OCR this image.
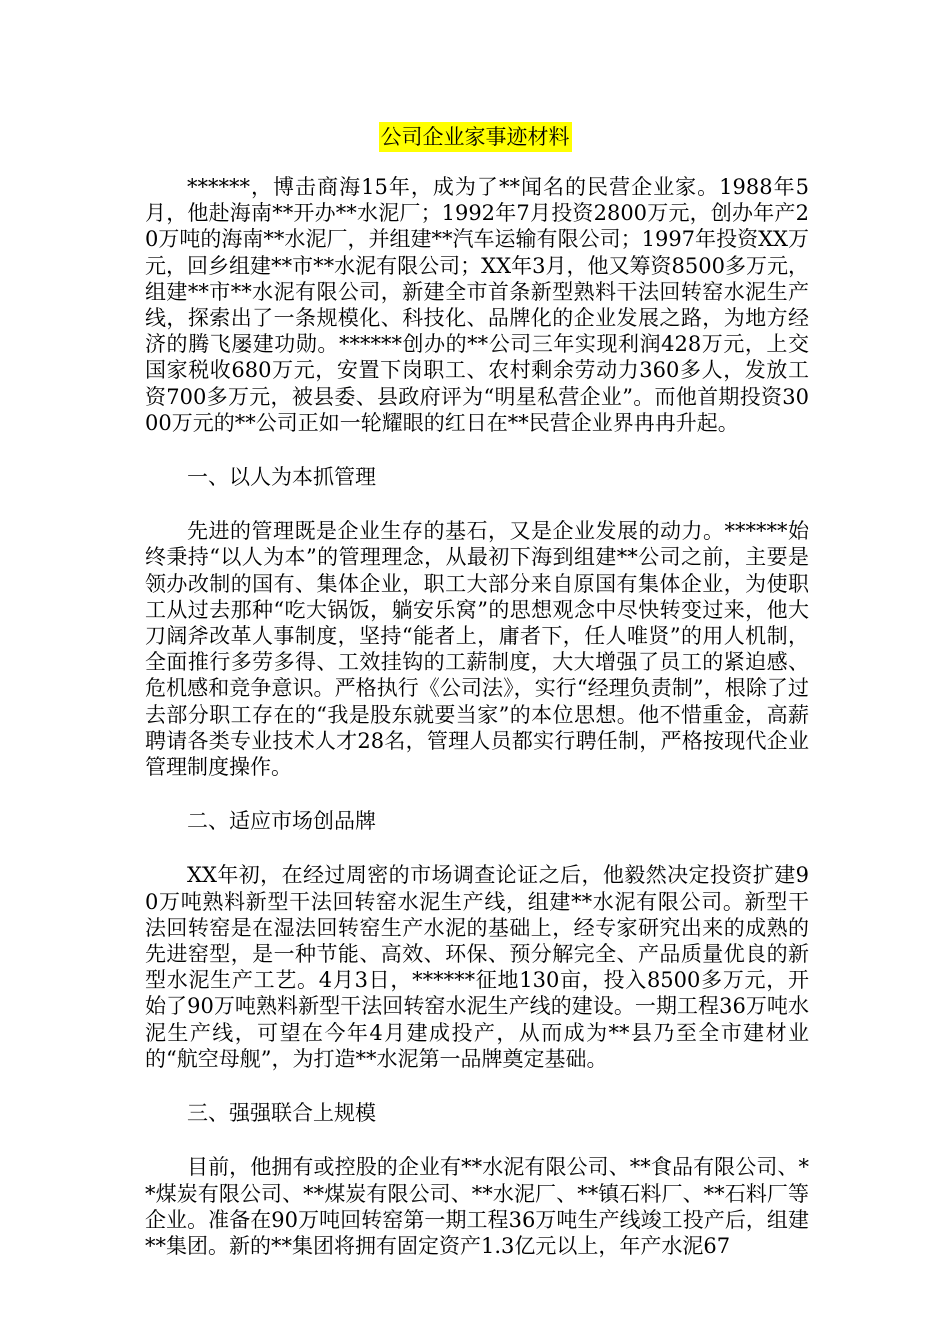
公司企业家事迹材料

******，博击商海15年，成为了**闻名的民营企业家。1988年5月，他赴海南**开办**水泥厂；1992年7月投资2800万元，创办年产20万吨的海南**水泥厂，并组建**汽车运输有限公司；1997年投资XX万元，回乡组建**市**水泥有限公司；XX年3月，他又筹资8500多万元，组建**市**水泥有限公司，新建全市首条新型熟料干法回转窑水泥生产线，探索出了一条规模化、科技化、品牌化的企业发展之路，为地方经济的腾飞屡建功勋。******创办的**公司三年实现利润428万元，上交国家税收680万元，安置下岗职工、农村剩余劳动力360多人，发放工资700多万元，被县委、县政府评为“明星私营企业”。而他首期投资3000万元的**公司正如一轮耀眼的红日在**民营企业界冉冉升起。

一、以人为本抓管理

先进的管理既是企业生存的基石，又是企业发展的动力。******始终秉持“以人为本”的管理理念，从最初下海到组建**公司之前，主要是领办改制的国有、集体企业，职工大部分来自原国有集体企业，为使职工从过去那种“吃大锅饭，躺安乐窝”的思想观念中尽快转变过来，他大刀阔斧改革人事制度，坚持“能者上，庸者下，任人唯贤”的用人机制，全面推行多劳多得、工效挂钩的工薪制度，大大增强了员工的紧迫感、危机感和竞争意识。严格执行《公司法》，实行“经理负责制”，根除了过去部分职工存在的“我是股东就要当家”的本位思想。他不惜重金，高薪聘请各类专业技术人才28名，管理人员都实行聘任制，严格按现代企业管理制度操作。

二、适应市场创品牌

XX年初，在经过周密的市场调查论证之后，他毅然决定投资扩建90万吨熟料新型干法回转窑水泥生产线，组建**水泥有限公司。新型干法回转窑是在湿法回转窑生产水泥的基础上，经专家研究出来的成熟的先进窑型，是一种节能、高效、环保、预分解完全、产品质量优良的新型水泥生产工艺。4月3日，******征地130亩，投入8500多万元，开始了90万吨熟料新型干法回转窑水泥生产线的建设。一期工程36万吨水泥生产线，可望在今年4月建成投产，从而成为**县乃至全市建材业的“航空母舰”，为打造**水泥第一品牌奠定基础。

三、强强联合上规模

目前，他拥有或控股的企业有**水泥有限公司、**食品有限公司、**煤炭有限公司、**煤炭有限公司、**水泥厂、**镇石料厂、**石料厂等企业。准备在90万吨回转窑第一期工程36万吨生产线竣工投产后，组建**集团。新的**集团将拥有固定资产1.3亿元以上，年产水泥67
